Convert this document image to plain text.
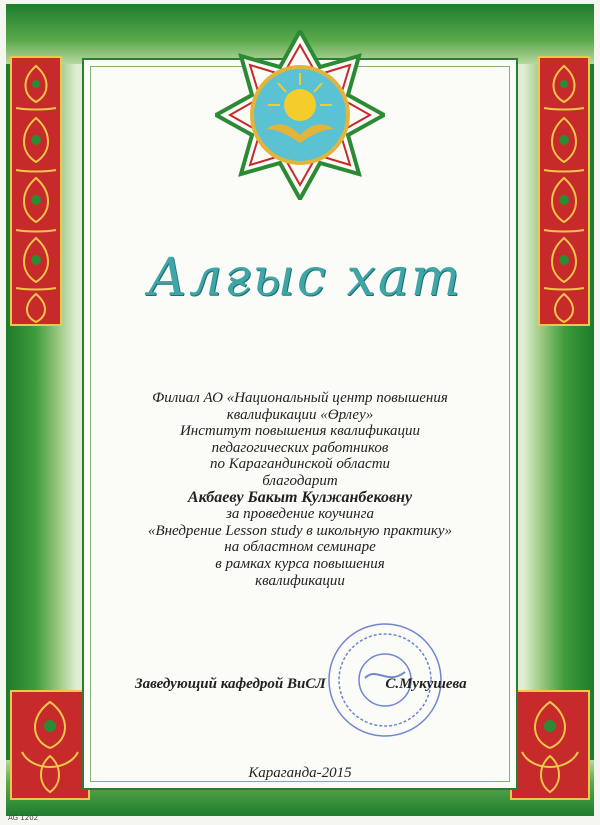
Алғыс хат
Филиал АО «Национальный центр повышения
квалификации «Өрлеу»
Институт повышения квалификации
педагогических работников
по Карагандинской области
благодарит
Акбаеву Бакыт Кулжанбековну
за проведение коучинга
«Внедрение Lesson study в школьную практику»
на областном семинаре
в рамках курса повышения
квалификации
Заведующий кафедрой ВиСЛ	С.Мукушева
Караганда-2015
AG 1202
